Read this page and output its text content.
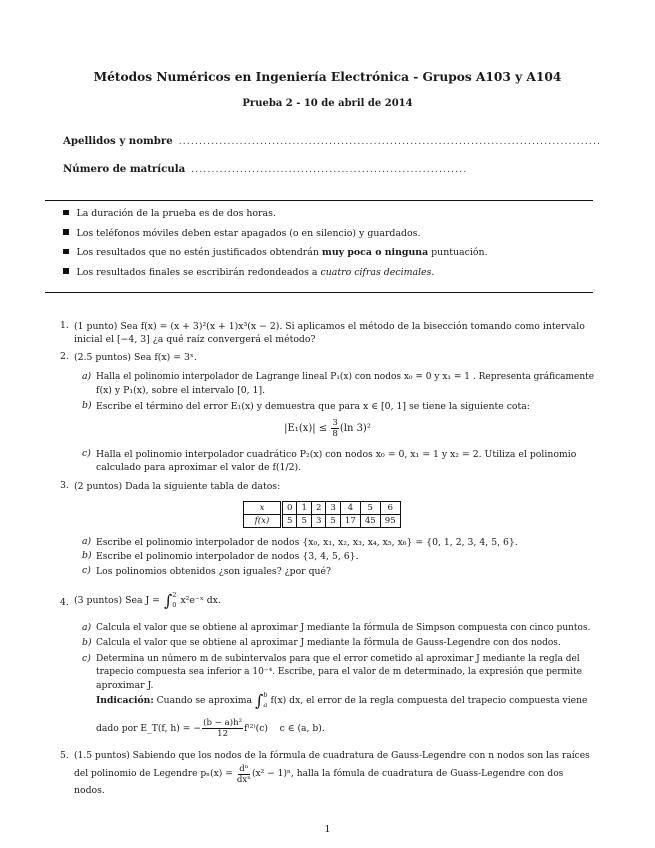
Métodos Numéricos en Ingeniería Electrónica - Grupos A103 y A104
Prueba 2 - 10 de abril de 2014
Apellidos y nombre ........................................................................................................
Número de matrícula ....................................................................
La duración de la prueba es de dos horas.
Los teléfonos móviles deben estar apagados (o en silencio) y guardados.
Los resultados que no estén justificados obtendrán muy poca o ninguna puntuación.
Los resultados finales se escribirán redondeados a cuatro cifras decimales.
1. (1 punto) Sea f(x) = (x + 3)²(x + 1)x³(x − 2). Si aplicamos el método de la bisección tomando como intervalo
inicial el [−4, 3] ¿a qué raíz convergerá el método?
2. (2.5 puntos) Sea f(x) = 3ˣ.
a) Halla el polinomio interpolador de Lagrange lineal P₁(x) con nodos x₀ = 0 y x₁ = 1 . Representa gráficamente
f(x) y P₁(x), sobre el intervalo [0, 1].
b) Escribe el término del error E₁(x) y demuestra que para x ∈ [0, 1] se tiene la siguiente cota:
$|E_1(x)| \le \frac{3}{8} (\ln$ 3)²
c) Halla el polinomio interpolador cuadrático P₂(x) con nodos x₀ = 0, x₁ = 1 y x₂ = 2. Utiliza el polinomio
calculado para aproximar el valor de f(1/2).
3. (2 puntos) Dada la siguiente tabla de datos:
x	0	1	2	3	4	5	6
f(x)	5	5	3	5	17	45	95
a) Escribe el polinomio interpolador de nodos {x₀, x₁, x₂, x₃, x₄, x₅, x₆} = {0, 1, 2, 3, 4, 5, 6}.
b) Escribe el polinomio interpolador de nodos {3, 4, 5, 6}.
c) Los polinomios obtenidos ¿son iguales? ¿por qué?
4. (3 puntos) Sea J = ∫ 2
0 x²e⁻ˣ dx.
a) Calcula el valor que se obtiene al aproximar J mediante la fórmula de Simpson compuesta con cinco puntos.
b) Calcula el valor que se obtiene al aproximar J mediante la fórmula de Gauss-Legendre con dos nodos.
c) Determina un número m de subintervalos para que el error cometido al aproximar J mediante la regla del
trapecio compuesta sea inferior a 10⁻⁴. Escribe, para el valor de m determinado, la expresión que permite
aproximar J.
Indicación: Cuando se aproxima ∫ b
a f(x) dx, el error de la regla compuesta del trapecio compuesta viene
dado por E_T(f, h) = − $\frac{\text{(b − a)h²}}{12} f^{(2)}(c)$    c ∈ (a, b).
5. (1.5 puntos) Sabiendo que los nodos de la fórmula de cuadratura de Gauss-Legendre con n nodos son las raíces
del polinomio de Legendre $p_n(x) = \frac{\text{dⁿ}}{\text{dxⁿ}} (x^2 - 1)^n$, halla la fómula de cuadratura de Guass-Legendre con dos
nodos.
1
